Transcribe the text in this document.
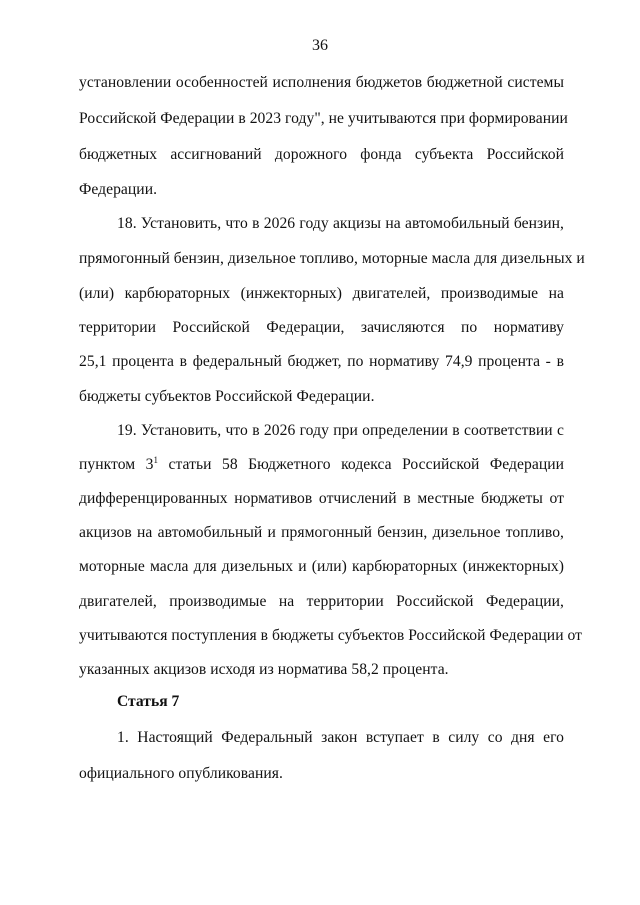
36
установлении особенностей исполнения бюджетов бюджетной системы
Российской Федерации в 2023 году", не учитываются при формировании
бюджетных ассигнований дорожного фонда субъекта Российской
Федерации.
18. Установить, что в 2026 году акцизы на автомобильный бензин,
прямогонный бензин, дизельное топливо, моторные масла для дизельных и
(или) карбюраторных (инжекторных) двигателей, производимые на
территории Российской Федерации, зачисляются по нормативу
25,1 процента в федеральный бюджет, по нормативу 74,9 процента - в
бюджеты субъектов Российской Федерации.
19. Установить, что в 2026 году при определении в соответствии с
пунктом $3^1$ статьи 58 Бюджетного кодекса Российской Федерации
дифференцированных нормативов отчислений в местные бюджеты от
акцизов на автомобильный и прямогонный бензин, дизельное топливо,
моторные масла для дизельных и (или) карбюраторных (инжекторных)
двигателей, производимые на территории Российской Федерации,
учитываются поступления в бюджеты субъектов Российской Федерации от
указанных акцизов исходя из норматива 58,2 процента.
Статья 7
1. Настоящий Федеральный закон вступает в силу со дня его
официального опубликования.
